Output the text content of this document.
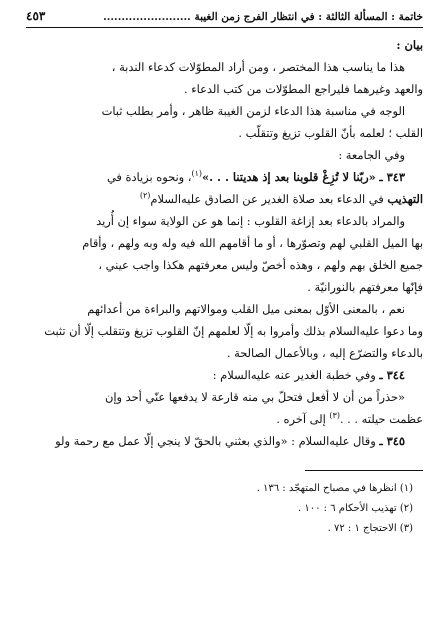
خاتمة : المسألة الثالثة : في انتظار الفرج زمن الغيبة ........................
٤٥٣

بيان :

هذا ما يناسب هذا المختصر ، ومن أراد المطوّلات كدعاء الندبة ،
والعهد وغيرهما فليراجع المطوّلات من كتب الدعاء .

الوجه في مناسبة هذا الدعاء لزمن الغيبة ظاهر ، وأمر بطلب ثبات
القلب ؛ لعلمه بأنّ القلوب تزيغ وتتقلّب .

وفي الجامعة :

٣٤٣ ـ «ربّنا لا تُزِغْ قلوبنا بعد إذ هديتنا . . .»$^{(١)}$، ونحوه بزيادة في
التهذيب في الدعاء بعد صلاة الغدير عن الصادق عليه‌السلام$^{(٢)}$

والمراد بالدعاء بعد إزاغة القلوب : إنما هو عن الولاية سواء إن أُريد
بها الميل القلبي لهم وتصوّرها ، أو ما أقامهم الله فيه وله وبه ولهم ، وأقام
جميع الخلق بهم ولهم ، وهذه أخصّ وليس معرفتهم هكذا واجب عيني ،
فإنّها معرفتهم بالنورانيّة .

نعم ، بالمعنى الأوّل بمعنى ميل القلب وموالاتهم والبراءة من أعدائهم
وما دعوا عليه‌السلام بذلك وأمروا به إلّا لعلمهم إنّ القلوب تزيغ وتتقلب إلّا أن تثبت
بالدعاء والتضرّع إليه ، وبالأعمال الصالحة .

٣٤٤ ـ وفي خطبة الغدير عنه عليه‌السلام :

«حذراً من أن لا أفعل فتحلّ بي منه قارعة لا يدفعها عنّي أحد وإن
عظمت حيلته . . .$^{(٣)}$ إلى آخره .

٣٤٥ ـ وقال عليه‌السلام : «والذي بعثني بالحقّ لا ينجي إلّا عمل مع رحمة ولو

(١) انظرها في مصباح المتهجّد : ١٣٦ .

(٢) تهذيب الأحكام ٦ : ١٠٠ .

(٣) الاحتجاج ١ : ٧٢ .
